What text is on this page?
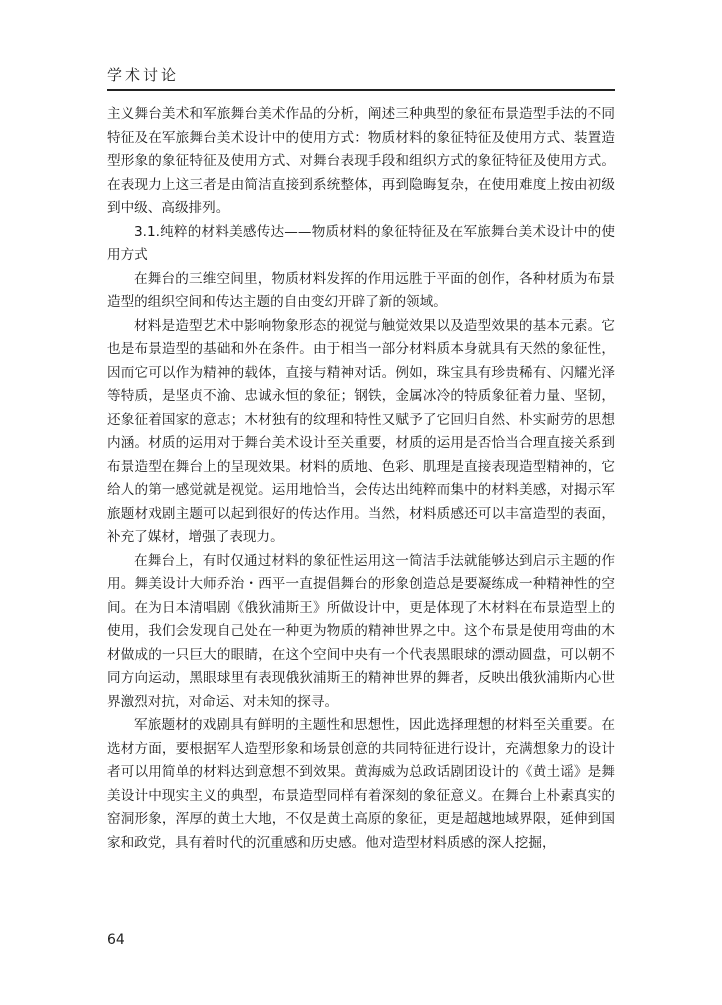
学术讨论

主义舞台美术和军旅舞台美术作品的分析，阐述三种典型的象征布景造型手法的不同特征及在军旅舞台美术设计中的使用方式：物质材料的象征特征及使用方式、装置造型形象的象征特征及使用方式、对舞台表现手段和组织方式的象征特征及使用方式。在表现力上这三者是由简洁直接到系统整体，再到隐晦复杂，在使用难度上按由初级到中级、高级排列。

3.1.纯粹的材料美感传达——物质材料的象征特征及在军旅舞台美术设计中的使用方式

在舞台的三维空间里，物质材料发挥的作用远胜于平面的创作，各种材质为布景造型的组织空间和传达主题的自由变幻开辟了新的领域。

材料是造型艺术中影响物象形态的视觉与触觉效果以及造型效果的基本元素。它也是布景造型的基础和外在条件。由于相当一部分材料质本身就具有天然的象征性，因而它可以作为精神的载体，直接与精神对话。例如，珠宝具有珍贵稀有、闪耀光泽等特质，是坚贞不渝、忠诚永恒的象征；钢铁，金属冰冷的特质象征着力量、坚韧，还象征着国家的意志；木材独有的纹理和特性又赋予了它回归自然、朴实耐劳的思想内涵。材质的运用对于舞台美术设计至关重要，材质的运用是否恰当合理直接关系到布景造型在舞台上的呈现效果。材料的质地、色彩、肌理是直接表现造型精神的，它给人的第一感觉就是视觉。运用地恰当，会传达出纯粹而集中的材料美感，对揭示军旅题材戏剧主题可以起到很好的传达作用。当然，材料质感还可以丰富造型的表面，补充了媒材，增强了表现力。

在舞台上，有时仅通过材料的象征性运用这一简洁手法就能够达到启示主题的作用。舞美设计大师乔治・西平一直提倡舞台的形象创造总是要凝练成一种精神性的空间。在为日本清唱剧《俄狄浦斯王》所做设计中，更是体现了木材料在布景造型上的使用，我们会发现自己处在一种更为物质的精神世界之中。这个布景是使用弯曲的木材做成的一只巨大的眼睛，在这个空间中央有一个代表黑眼球的漂动圆盘，可以朝不同方向运动，黑眼球里有表现俄狄浦斯王的精神世界的舞者，反映出俄狄浦斯内心世界激烈对抗，对命运、对未知的探寻。

军旅题材的戏剧具有鲜明的主题性和思想性，因此选择理想的材料至关重要。在选材方面，要根据军人造型形象和场景创意的共同特征进行设计，充满想象力的设计者可以用简单的材料达到意想不到效果。黄海威为总政话剧团设计的《黄土谣》是舞美设计中现实主义的典型，布景造型同样有着深刻的象征意义。在舞台上朴素真实的窑洞形象，浑厚的黄土大地，不仅是黄土高原的象征，更是超越地域界限，延伸到国家和政党，具有着时代的沉重感和历史感。他对造型材料质感的深人挖掘，

64
